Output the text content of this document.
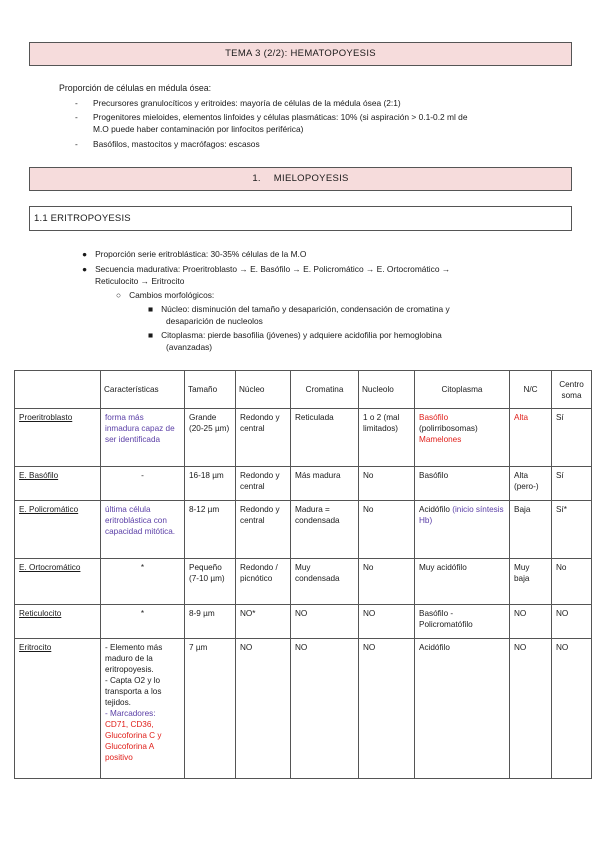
TEMA 3 (2/2): HEMATOPOYESIS
Proporción de células en médula ósea:
- Precursores granulocíticos y eritroides: mayoría de células de la médula ósea (2:1)
- Progenitores mieloides, elementos linfoides y células plasmáticas: 10% (si aspiración > 0.1-0.2 ml de
M.O puede haber contaminación por linfocitos periférica)
- Basófilos, mastocitos y macrófagos: escasos
1. MIELOPOYESIS
1.1 ERITROPOYESIS
● Proporción serie eritroblástica: 30-35% células de la M.O
● Secuencia madurativa: Proeritroblasto → E. Basófilo → E. Policromático → E. Ortocromático →
Reticulocito → Eritrocito
○ Cambios morfológicos:
■ Núcleo: disminución del tamaño y desaparición, condensación de cromatina y
desaparición de nucleolos
■ Citoplasma: pierde basofilia (jóvenes) y adquiere acidofilia por hemoglobina
(avanzadas)
	Características	Tamaño	Núcleo	Cromatina	Nucleolo	Citoplasma	N/C	Centro soma
Proeritroblasto	forma más inmadura capaz de ser identificada	Grande (20-25 µm)	Redondo y central	Reticulada	1 o 2 (mal limitados)	Basófilo
(polirribosomas)
Mamelones	Alta	Sí
E. Basófilo	-	16-18 µm	Redondo y central	Más madura	No	Basófilo	Alta (pero-)	Sí
E. Policromático	última célula eritroblástica con capacidad mitótica.	8-12 µm	Redondo y central	Madura = condensada	No	Acidófilo (inicio síntesis Hb)	Baja	Sí*
E. Ortocromático	*	Pequeño (7-10 µm)	Redondo / picnótico	Muy condensada	No	Muy acidófilo	Muy baja	No
Reticulocito	*	8-9 µm	NO*	NO	NO	Basófilo - Policromatófilo	NO	NO
Eritrocito	- Elemento más maduro de la eritropoyesis.
- Capta O2 y lo transporta a los tejidos.
- Marcadores:
CD71, CD36, Glucoforina C y Glucoforina A positivo	7 µm	NO	NO	NO	Acidófilo	NO	NO
